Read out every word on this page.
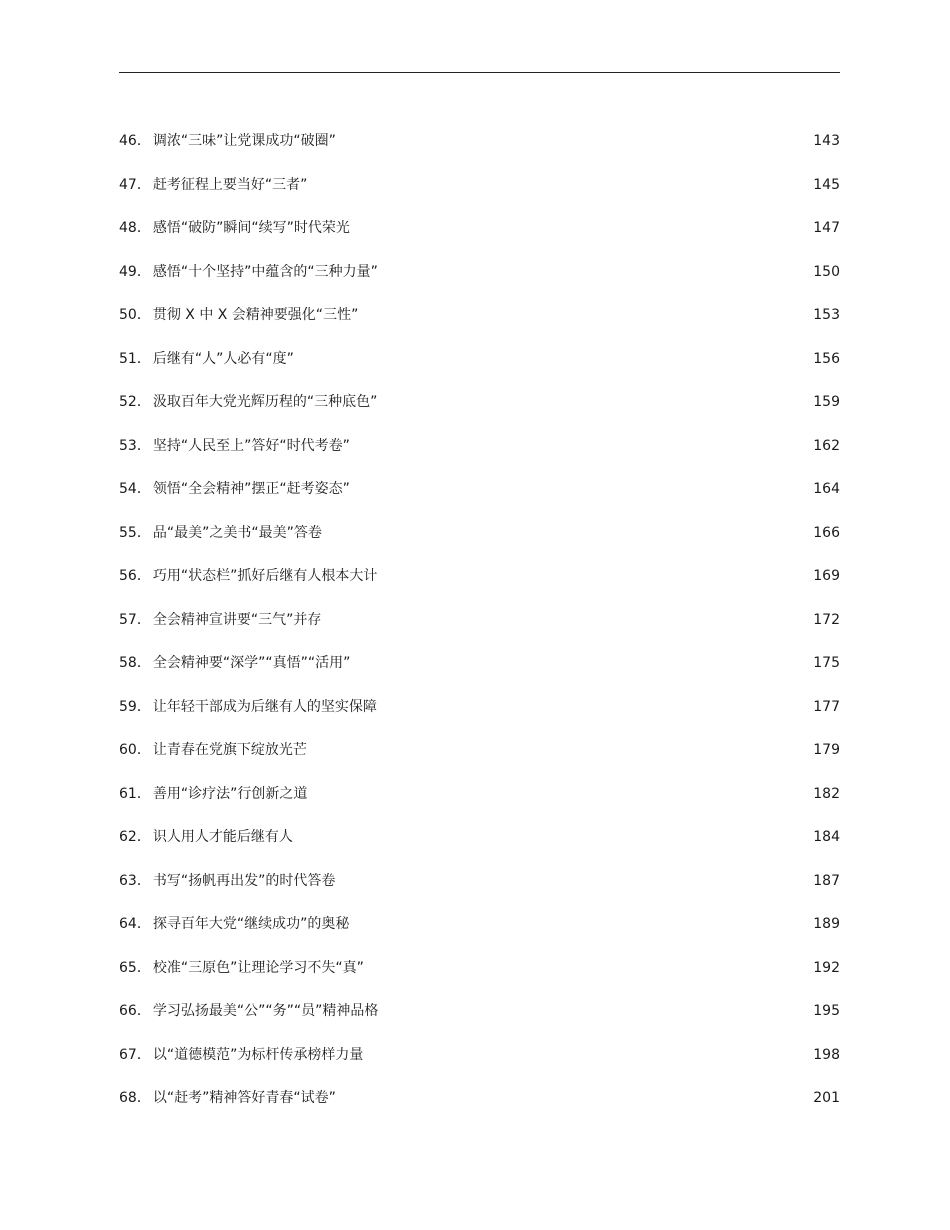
46． 调浓“三味”让党课成功“破圈” .....	143
47． 赶考征程上要当好“三者” .....	145
48． 感悟“破防”瞬间“续写”时代荣光 .....	147
49． 感悟“十个坚持”中蕴含的“三种力量” .....	150
50． 贯彻 X 中 X 会精神要强化“三性” .....	153
51． 后继有“人”人必有“度” .....	156
52． 汲取百年大党光辉历程的“三种底色” .....	159
53． 坚持“人民至上”答好“时代考卷” .....	162
54． 领悟“全会精神”摆正“赶考姿态” .....	164
55． 品“最美”之美书“最美”答卷 .....	166
56． 巧用“状态栏”抓好后继有人根本大计 .....	169
57． 全会精神宣讲要“三气”并存 .....	172
58． 全会精神要“深学”“真悟”“活用” .....	175
59． 让年轻干部成为后继有人的坚实保障 .....	177
60． 让青春在党旗下绽放光芒 .....	179
61． 善用“诊疗法”行创新之道 .....	182
62． 识人用人才能后继有人 .....	184
63． 书写“扬帆再出发”的时代答卷 .....	187
64． 探寻百年大党“继续成功”的奥秘 .....	189
65． 校准“三原色”让理论学习不失“真” .....	192
66． 学习弘扬最美“公”“务”“员”精神品格 .....	195
67． 以“道德模范”为标杆传承榜样力量 .....	198
68． 以“赶考”精神答好青春“试卷” .....	201
